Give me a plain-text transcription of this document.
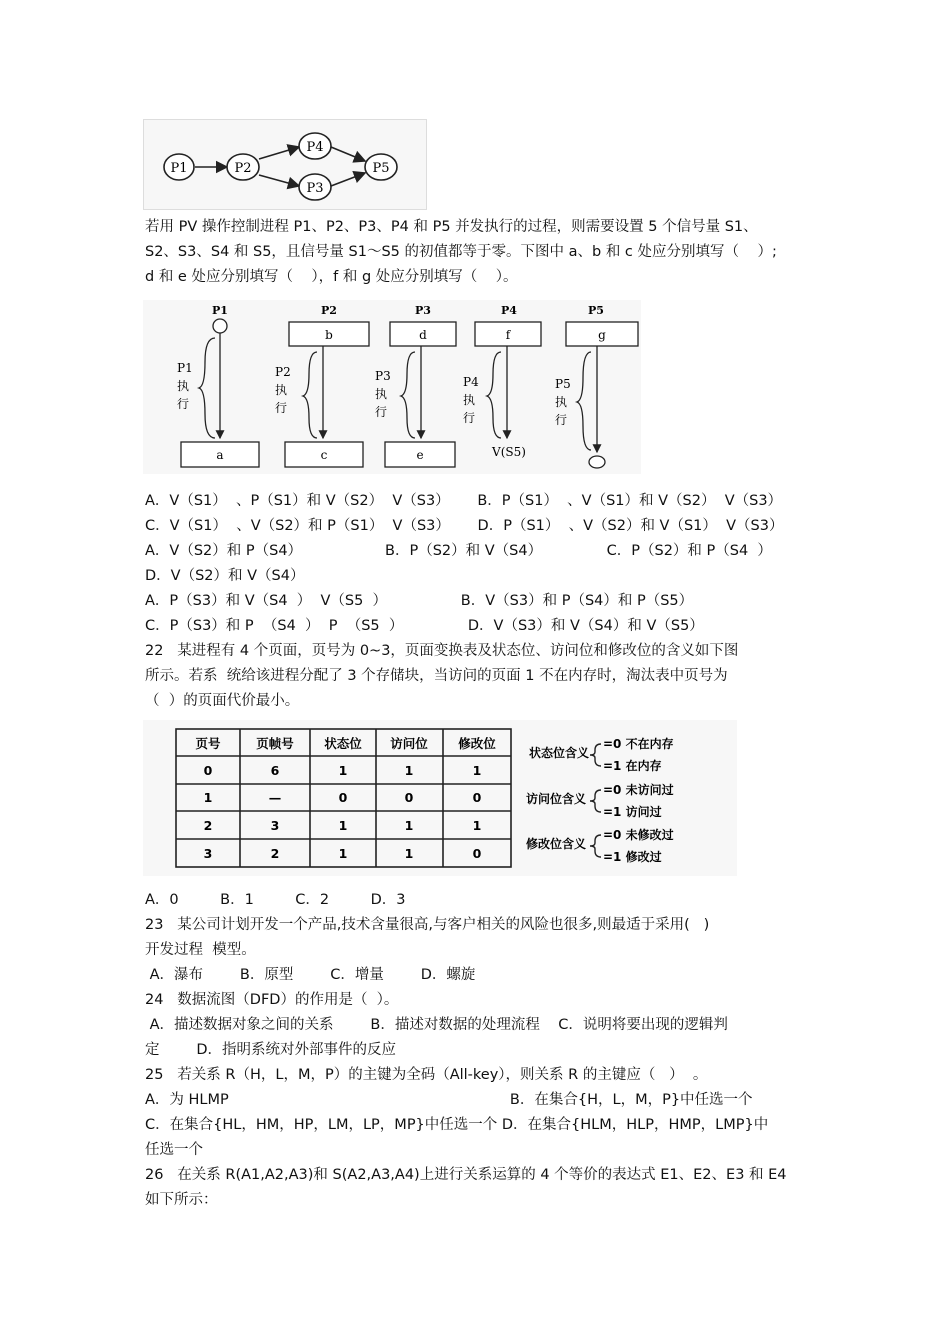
P1	P2
P4
P3
P5

若用 PV 操作控制进程 P1、P2、P3、P4 和 P5 并发执行的过程，则需要设置 5 个信号量 S1、

S2、S3、S4 和 S5，且信号量 S1～S5 的初值都等于零。下图中 a、b 和 c 处应分别填写（    ）;

d 和 e 处应分别填写（    ），f 和 g 处应分别填写（    ）。

P1	P2	P3	P4	P5
P1
执
行
a
b
P2
执
行
c
d
P3
执
行
e
f
P4
执
行
V(S5)
g
P5
执
行

A．V（S1）  、P（S1）和 V（S2）  V（S3）      B．P（S1）  、V（S1）和 V（S2）  V（S3）

C．V（S1）  、V（S2）和 P（S1）  V（S3）      D．P（S1）  、V（S2）和 V（S1）  V（S3）

A．V（S2）和 P（S4）                  B．P（S2）和 V（S4）              C．P（S2）和 P（S4  ）

D．V（S2）和 V（S4）

A．P（S3）和 V（S4  ）  V（S5  ）                B．V（S3）和 P（S4）和 P（S5）

C．P（S3）和 P  （S4  ）  P  （S5  ）              D．V（S3）和 V（S4）和 V（S5）

22   某进程有 4 个页面，页号为 0~3，页面变换表及状态位、访问位和修改位的含义如下图

所示。若系  统给该进程分配了 3 个存储块，当访问的页面 1 不在内存时，淘汰表中页号为

（  ）的页面代价最小。

页号	页帧号 状态位 访问位 修改位
0	6	1	1	1
1	—	0	0	0
2	3	1	1	1
3	2	1	1	0
状态位含义
=0 不在内存
=1 在内存
访问位含义
=0 未访问过
=1 访问过
修改位含义
=0 未修改过
=1 修改过

A．0         B．1         C．2         D．3

23   某公司计划开发一个产品,技术含量很高,与客户相关的风险也很多,则最适于采用(   )

开发过程  模型。

A．瀑布        B．原型        C．增量        D．螺旋

24   数据流图（DFD）的作用是（  ）。

A．描述数据对象之间的关系        B．描述对数据的处理流程    C．说明将要出现的逻辑判

定        D．指明系统对外部事件的反应

25   若关系 R（H，L，M，P）的主键为全码（All-key），则关系 R 的主键应（   ）  。

A．为 HLMP                                                             B．在集合{H，L，M，P}中任选一个

C．在集合{HL，HM，HP，LM，LP，MP}中任选一个 D．在集合{HLM，HLP，HMP，LMP}中

任选一个

26   在关系 R(A1,A2,A3)和 S(A2,A3,A4)上进行关系运算的 4 个等价的表达式 E1、E2、E3 和 E4

如下所示：
